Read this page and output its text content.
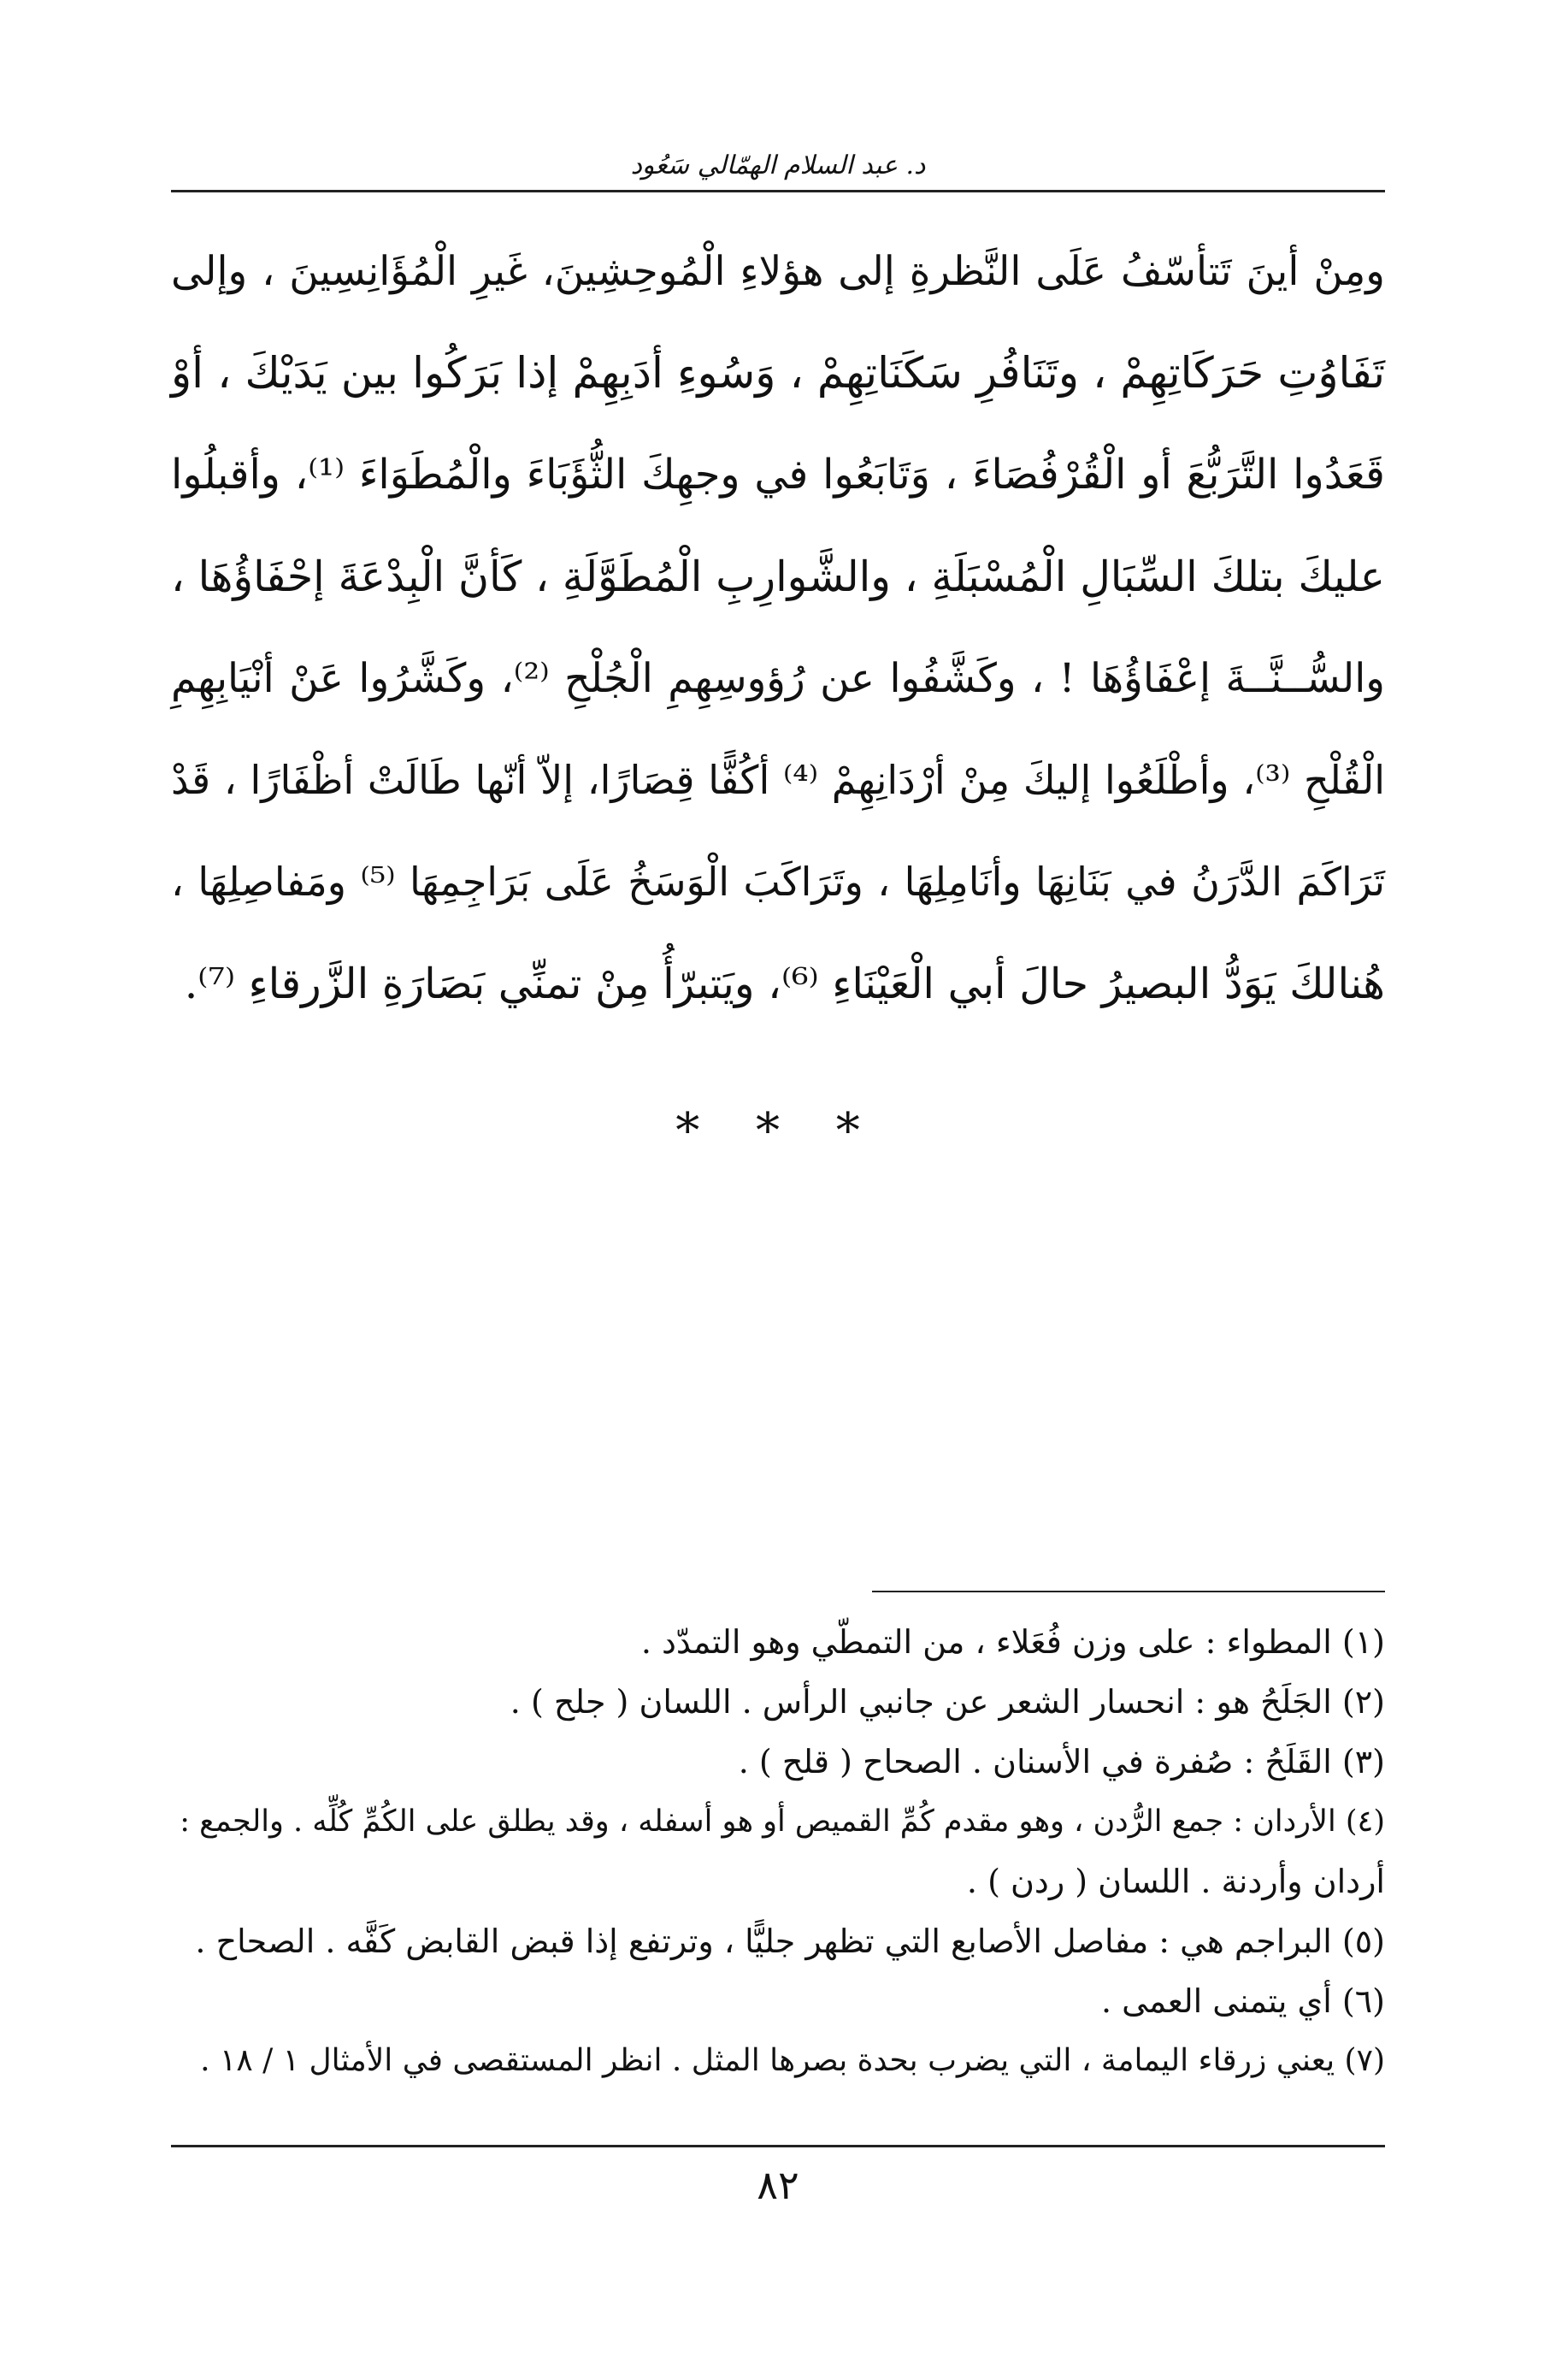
د. عبد السلام الهمّالي سَعُود
ومِنْ أينَ تَتأسّفُ عَلَى النَّظرةِ إلى هؤلاءِ الْمُوحِشِينَ، غَيرِ الْمُؤَانِسِينَ ، وإلى
تَفَاوُتِ حَرَكَاتِهِمْ ، وتَنَافُرِ سَكَنَاتِهِمْ ، وَسُوءِ أدَبِهِمْ إذا بَرَكُوا بين يَدَيْكَ ، أوْ
قَعَدُوا التَّرَبُّعَ أو الْقُرْفُصَاءَ ، وَتَابَعُوا في وجهِكَ الثُّؤَبَاءَ والْمُطَوَاءَ ⁽¹⁾، وأقبلُوا
عليكَ بتلكَ السِّبَالِ الْمُسْبَلَةِ ، والشَّوارِبِ الْمُطَوَّلَةِ ، كَأنَّ الْبِدْعَةَ إحْفَاؤُهَا ،
والسُّــنَّــةَ إعْفَاؤُهَا ! ، وكَشَّفُوا عن رُؤوسِهِمِ الْجُلْحِ ⁽²⁾، وكَشَّرُوا عَنْ أنْيَابِهِمِ
الْقُلْحِ ⁽³⁾، وأطْلَعُوا إليكَ مِنْ أرْدَانِهِمْ ⁽⁴⁾ أكُفًّا قِصَارًا، إلاّ أنّها طَالَتْ أظْفَارًا ، قَدْ
تَرَاكَمَ الدَّرَنُ في بَنَانِهَا وأنَامِلِهَا ، وتَرَاكَبَ الْوَسَخُ عَلَى بَرَاجِمِهَا ⁽⁵⁾ ومَفاصِلِهَا ،
هُنالكَ يَوَدُّ البصيرُ حالَ أبي الْعَيْنَاءِ ⁽⁶⁾، ويَتبرّأُ مِنْ تمنِّي بَصَارَةِ الزَّرقاءِ ⁽⁷⁾.
* * *
(١) المطواء : على وزن فُعَلاء ، من التمطّي وهو التمدّد .
(٢) الجَلَحُ هو : انحسار الشعر عن جانبي الرأس . اللسان ( جلح ) .
(٣) القَلَحُ : صُفرة في الأسنان . الصحاح ( قلح ) .
(٤) الأردان : جمع الرُّدن ، وهو مقدم كُمِّ القميص أو هو أسفله ، وقد يطلق على الكُمِّ كُلِّه . والجمع :
أردان وأردنة . اللسان ( ردن ) .
(٥) البراجم هي : مفاصل الأصابع التي تظهر جليًّا ، وترتفع إذا قبض القابض كَفَّه . الصحاح .
(٦) أي يتمنى العمى .
(٧) يعني زرقاء اليمامة ، التي يضرب بحدة بصرها المثل . انظر المستقصى في الأمثال ١ / ١٨ .
٨٢
